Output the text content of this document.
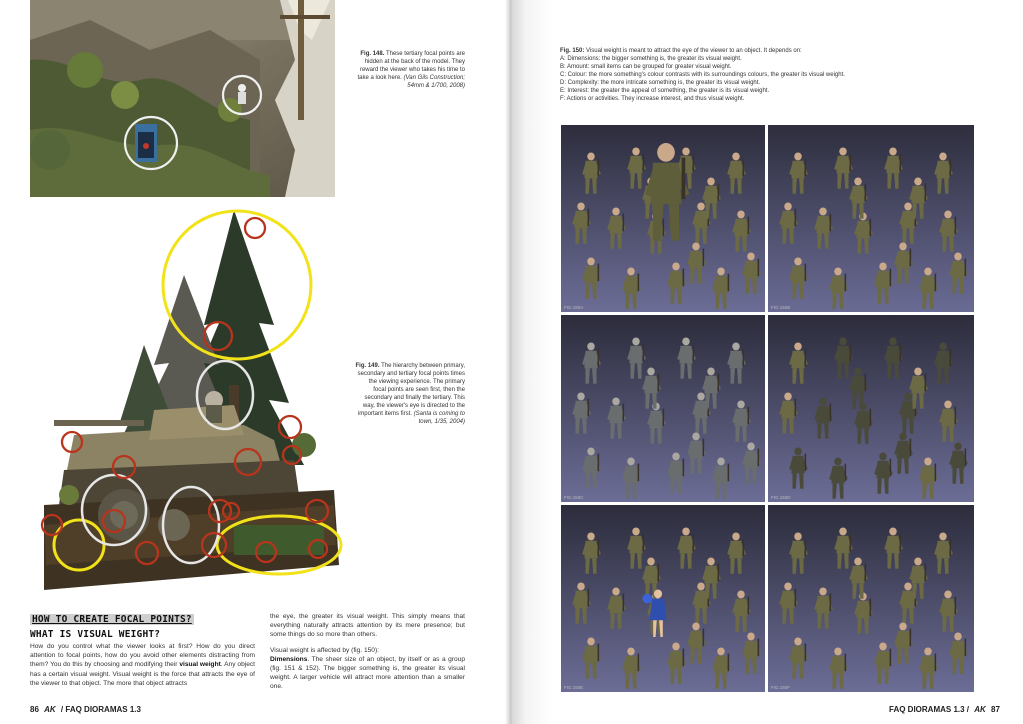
Fig. 148. These tertiary focal points are hidden at the back of the model. They reward the viewer who takes his time to take a look here. (Van Gils Construction; 54mm & 1/700, 2008)
Fig. 149. The hierarchy between primary, secondary and tertiary focal points times the viewing experience. The primary focal points are seen first, then the secondary and finally the tertiary. This way, the viewer's eye is directed to the important items first. (Santa is coming to town, 1/35, 2004)
HOW TO CREATE FOCAL POINTS?
WHAT IS VISUAL WEIGHT?
How do you control what the viewer looks at first? How do you direct attention to focal points, how do you avoid other elements distracting from them? You do this by choosing and modifying their visual weight. Any object has a certain visual weight. Visual weight is the force that attracts the eye of the viewer to that object. The more that object attracts
the eye, the greater its visual weight. This simply means that everything naturally attracts attention by its mere presence; but some things do so more than others.
Visual weight is affected by (fig. 150):
Dimensions. The sheer size of an object, by itself or as a group (fig. 151 & 152). The bigger something is, the greater its visual weight. A larger vehicle will attract more attention than a smaller one.
86 AK / FAQ DIORAMAS 1.3
Fig. 150: Visual weight is meant to attract the eye of the viewer to an object. It depends on:
A: Dimensions: the bigger something is, the greater its visual weight.
B: Amount: small items can be grouped for greater visual weight.
C: Colour: the more something's colour contrasts with its surroundings colours, the greater its visual weight.
D: Complexity: the more intricate something is, the greater its visual weight.
E: Interest: the greater the appeal of something, the greater is its visual weight.
F: Actions or activities. They increase interest, and thus visual weight.
FIG.150A	FIG.150B
FIG.150C	FIG.150D
FIG.150E	FIG.150F
FAQ DIORAMAS 1.3 / AK 87
